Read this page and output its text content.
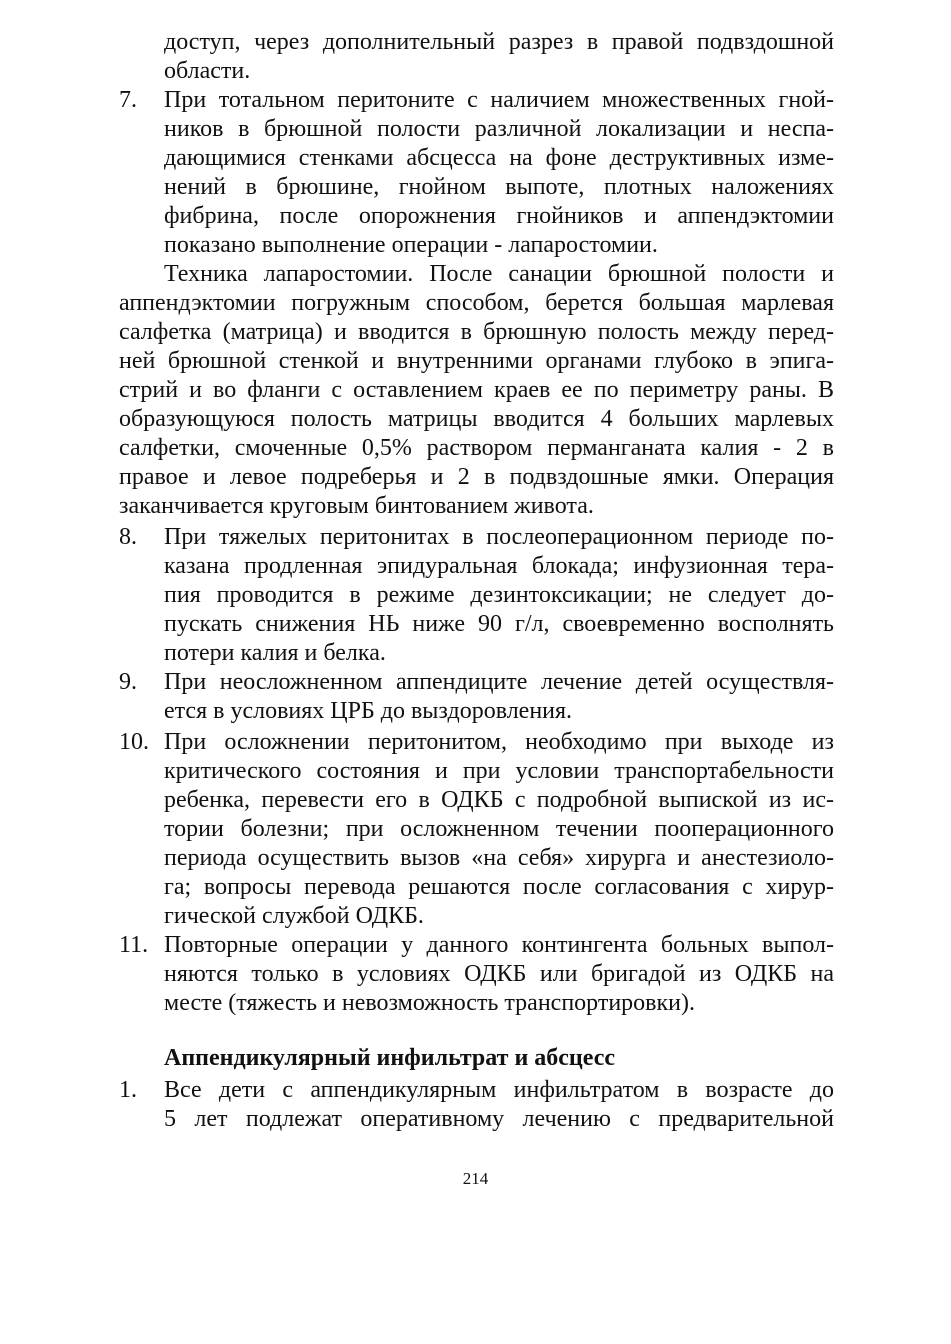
доступ, через дополнительный разрез в правой подвздошной
области.
7. При тотальном перитоните с наличием множественных гной-
ников в брюшной полости различной локализации и неспа-
дающимися стенками абсцесса на фоне деструктивных изме-
нений в брюшине, гнойном выпоте, плотных наложениях
фибрина, после опорожнения гнойников и аппендэктомии
показано выполнение операции - лапаростомии.
Техника лапаростомии. После санации брюшной полости и
аппендэктомии погружным способом, берется большая марлевая
салфетка (матрица) и вводится в брюшную полость между перед-
ней брюшной стенкой и внутренними органами глубоко в эпига-
стрий и во фланги с оставлением краев ее по периметру раны. В
образующуюся полость матрицы вводится 4 больших марлевых
салфетки, смоченные 0,5% раствором перманганата калия - 2 в
правое и левое подреберья и 2 в подвздошные ямки. Операция
заканчивается круговым бинтованием живота.
8. При тяжелых перитонитах в послеоперационном периоде по-
казана продленная эпидуральная блокада; инфузионная тера-
пия проводится в режиме дезинтоксикации; не следует до-
пускать снижения НЬ ниже 90 г/л, своевременно восполнять
потери калия и белка.
9. При неосложненном аппендиците лечение детей осуществля-
ется в условиях ЦРБ до выздоровления.
10. При осложнении перитонитом, необходимо при выходе из
критического состояния и при условии транспортабельности
ребенка, перевести его в ОДКБ с подробной выпиской из ис-
тории болезни; при осложненном течении пооперационного
периода осуществить вызов «на себя» хирурга и анестезиоло-
га; вопросы перевода решаются после согласования с хирур-
гической службой ОДКБ.
11. Повторные операции у данного контингента больных выпол-
няются только в условиях ОДКБ или бригадой из ОДКБ на
месте (тяжесть и невозможность транспортировки).
Аппендикулярный инфильтрат и абсцесс
1. Все дети с аппендикулярным инфильтратом в возрасте до
5 лет подлежат оперативному лечению с предварительной
214
